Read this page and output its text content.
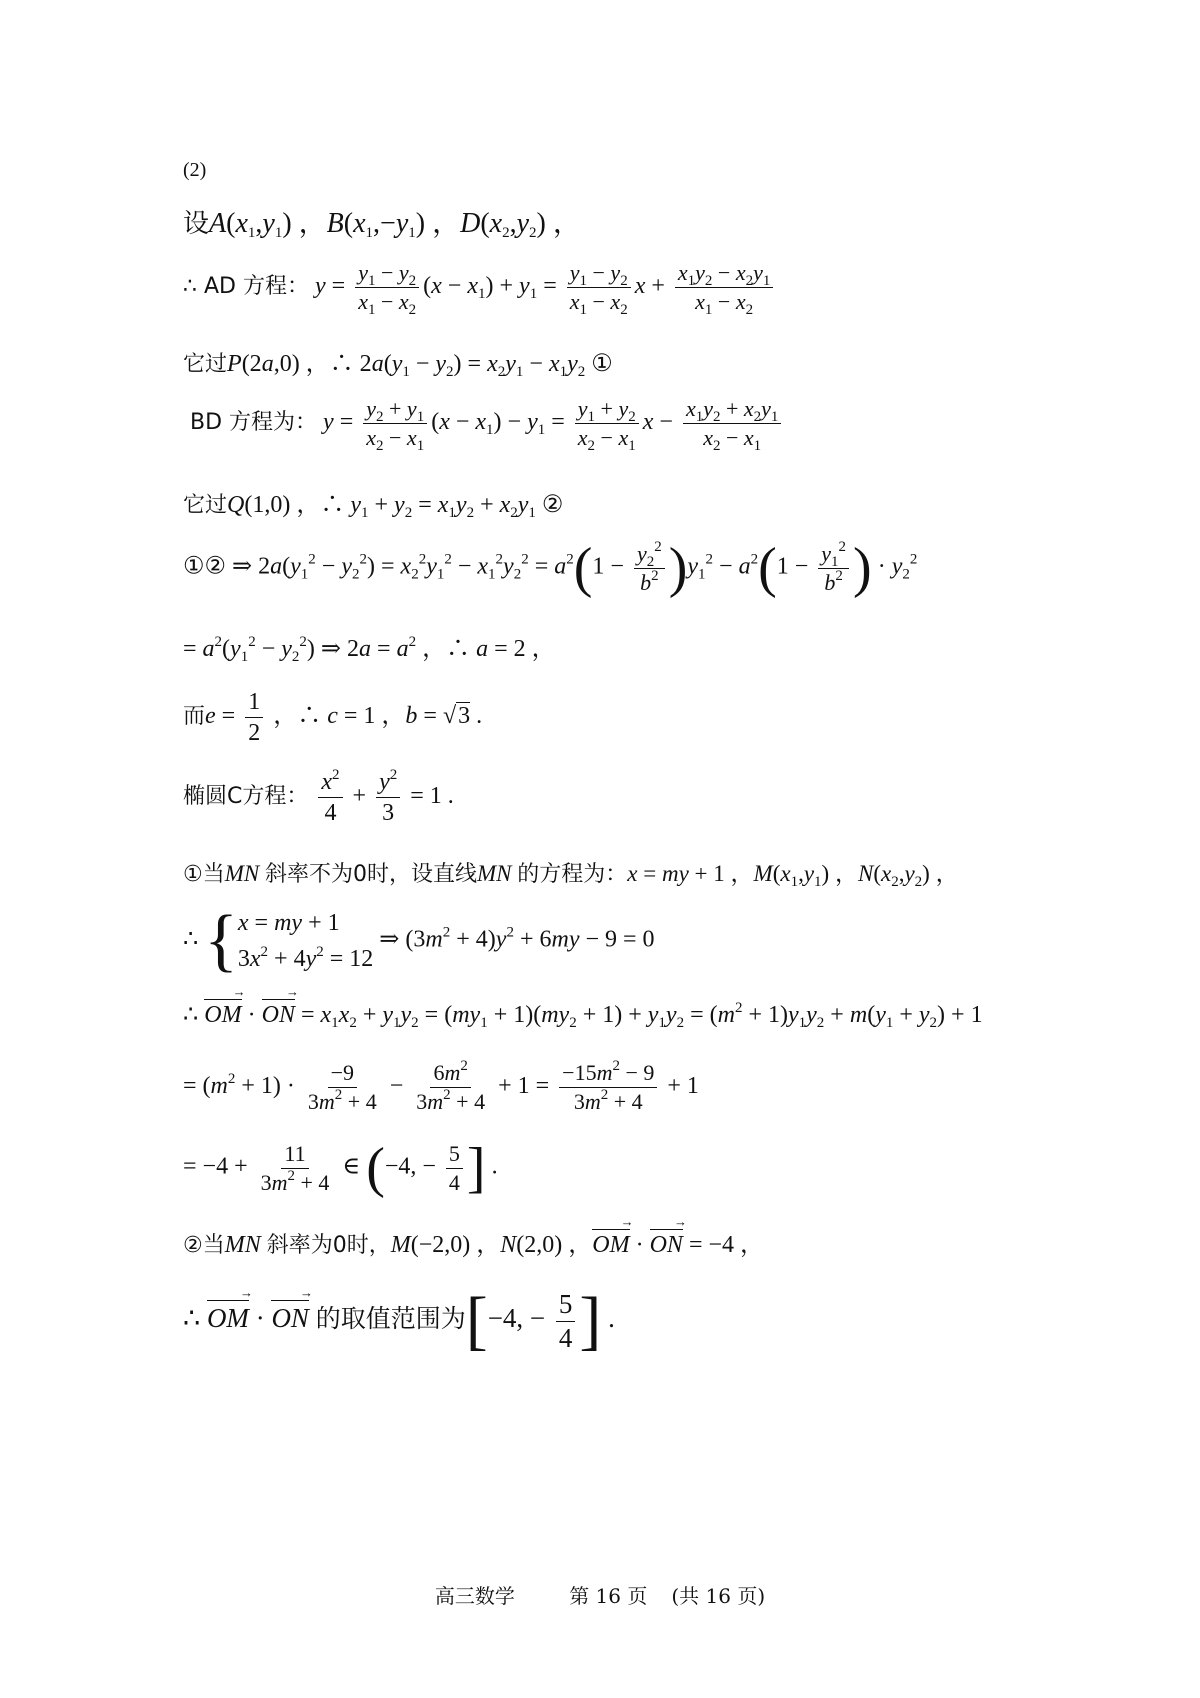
(2)
设$A(x_1,y_1)$ ，$B(x_1,-y_1)$ ，$D(x_2,y_2)$ ，
∴ AD 方程： $y = \frac{y_1 - y_2}{x_1 - x_2} (x - x_1) + y_1 = \frac{y_1 - y_2}{x_1 - x_2}$ $x + \frac{x_1y_2 - x_2y_1}{x_1 - x_2}$
它过P(2a,0) ，∴ $2a(y_1 - y_2) = x_2y_1 - x_1y_2$ ①
BD 方程为： $y = \frac{y_2 + y_1}{x_2 - x_1} (x - x_1) - y_1 = \frac{y_1 + y_2}{x_2 - x_1}$ $x - \frac{x_1y_2 + x_2y_1}{x_2 - x_1}$
它过Q(1,0) ，∴ $y_1 + y_2 = x_1y_2 + x_2y_1$ ②
①② ⇒ $2a(y_1^2 - y_2^2) = x_2^2y_1^2 - x_1^2y_2^2 = a^2(1 - \frac{y_2^2}{b^2} )y_1^2 - a^2(1 - \frac{y_1^2}{b^2}$ ) · $y_2^2$
= $a^2(y_1^2 - y_2^2)$ ⇒ $2a = a^2$ ，∴ a = 2 ，
而$e = \frac{1}{2}$ ，∴ c = 1 ，b = √3 .
椭圆C方程： $\frac{x^2}{4} + \frac{y^2}{3} = 1$ .
①当MN 斜率不为0时，设直线MN 的方程为：x = my + 1 ，$M(x_1,y_1)$ ，$N(x_2,y_2)$ ，
∴ { x = my + 1
$3x^2 + 4y^2 = 12$
⇒ $(3m^2 + 4)y^2 + 6my - 9 = 0$
∴ OM → · ON → = $x_1x_2 + y_1y_2 = (my_1 + 1)(my_2 + 1) + y_1y_2 = (m^2 + 1)y_1y_2 + m(y_1 + y_2) + 1$
= $(m^2 + 1) \cdot \frac{-9}{3m^2 + 4} - \frac{6m^2}{3m^2 + 4} + 1 = \frac{-15m^2 - 9}{3m^2 + 4} + 1$
= $-4 + \frac{11}{3m^2 + 4}$ ∈ (−4, − $\frac{5}{4}$ ] .
②当MN 斜率为0时，M(−2,0) ，N(2,0) ，OM → · ON → = −4 ，
∴ OM → · ON → 的取值范围为[−4, − $\frac{5}{4}$ ] .
高三数学	第 16 页 (共 16 页)
